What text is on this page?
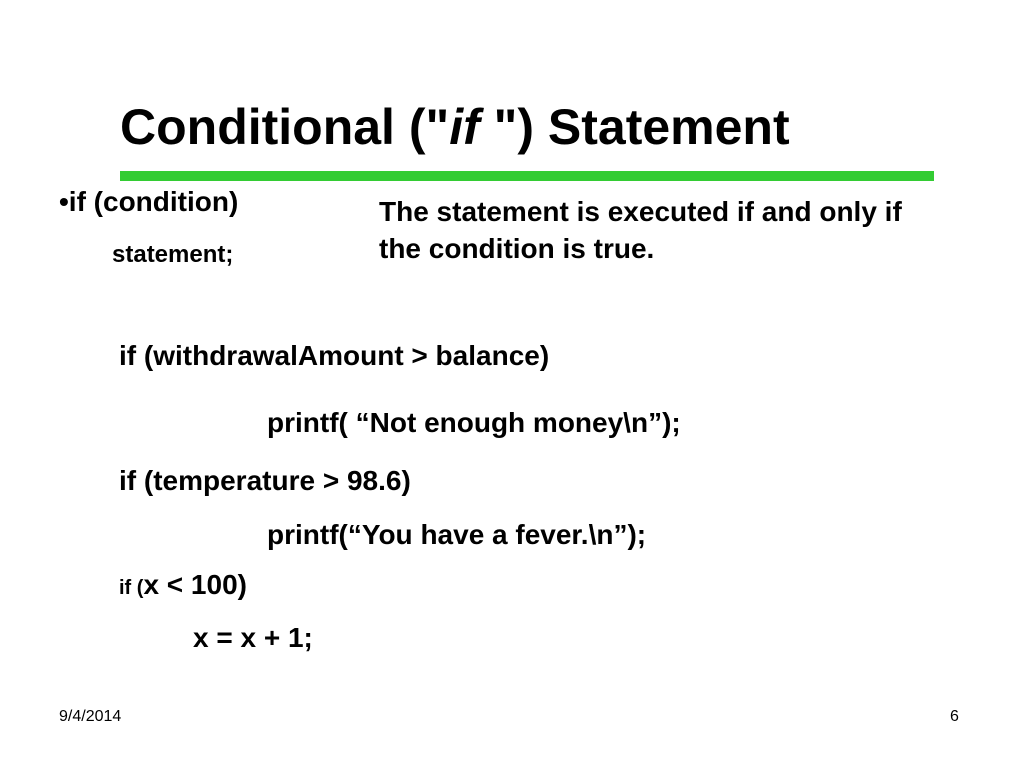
Conditional ("if ") Statement
•if (condition)
statement;
The statement is executed if and only if the condition is true.
if (withdrawalAmount > balance)
printf( “Not enough money\n”);
if (temperature > 98.6)
printf(“You have a fever.\n”);
if (x < 100)
x = x + 1;
9/4/2014	6
